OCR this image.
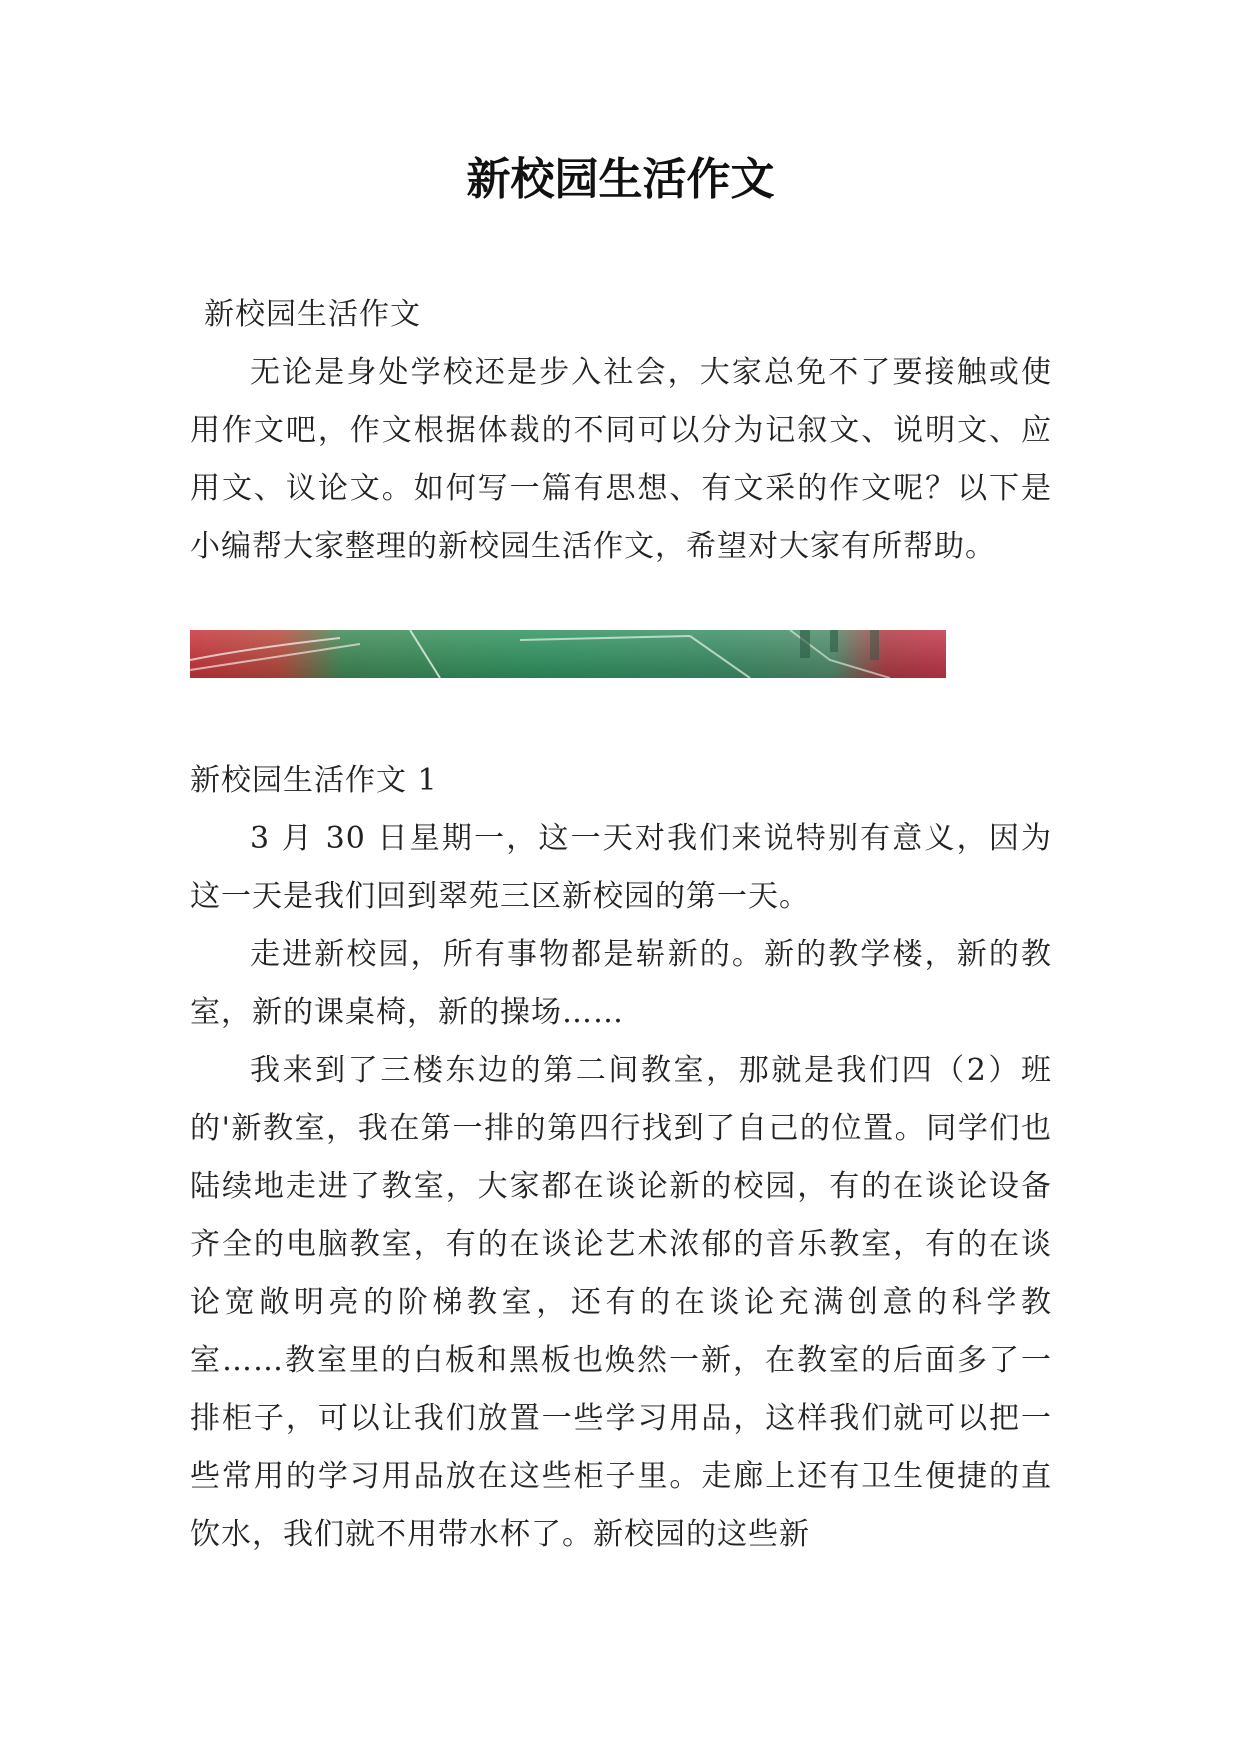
新校园生活作文

新校园生活作文

无论是身处学校还是步入社会，大家总免不了要接触或使用作文吧，作文根据体裁的不同可以分为记叙文、说明文、应用文、议论文。如何写一篇有思想、有文采的作文呢？以下是小编帮大家整理的新校园生活作文，希望对大家有所帮助。

新校园生活作文 1

3 月 30 日星期一，这一天对我们来说特别有意义，因为这一天是我们回到翠苑三区新校园的第一天。

走进新校园，所有事物都是崭新的。新的教学楼，新的教室，新的课桌椅，新的操场……

我来到了三楼东边的第二间教室，那就是我们四（2）班的'新教室，我在第一排的第四行找到了自己的位置。同学们也陆续地走进了教室，大家都在谈论新的校园，有的在谈论设备齐全的电脑教室，有的在谈论艺术浓郁的音乐教室，有的在谈论宽敞明亮的阶梯教室，还有的在谈论充满创意的科学教室……教室里的白板和黑板也焕然一新，在教室的后面多了一排柜子，可以让我们放置一些学习用品，这样我们就可以把一些常用的学习用品放在这些柜子里。走廊上还有卫生便捷的直饮水，我们就不用带水杯了。新校园的这些新
